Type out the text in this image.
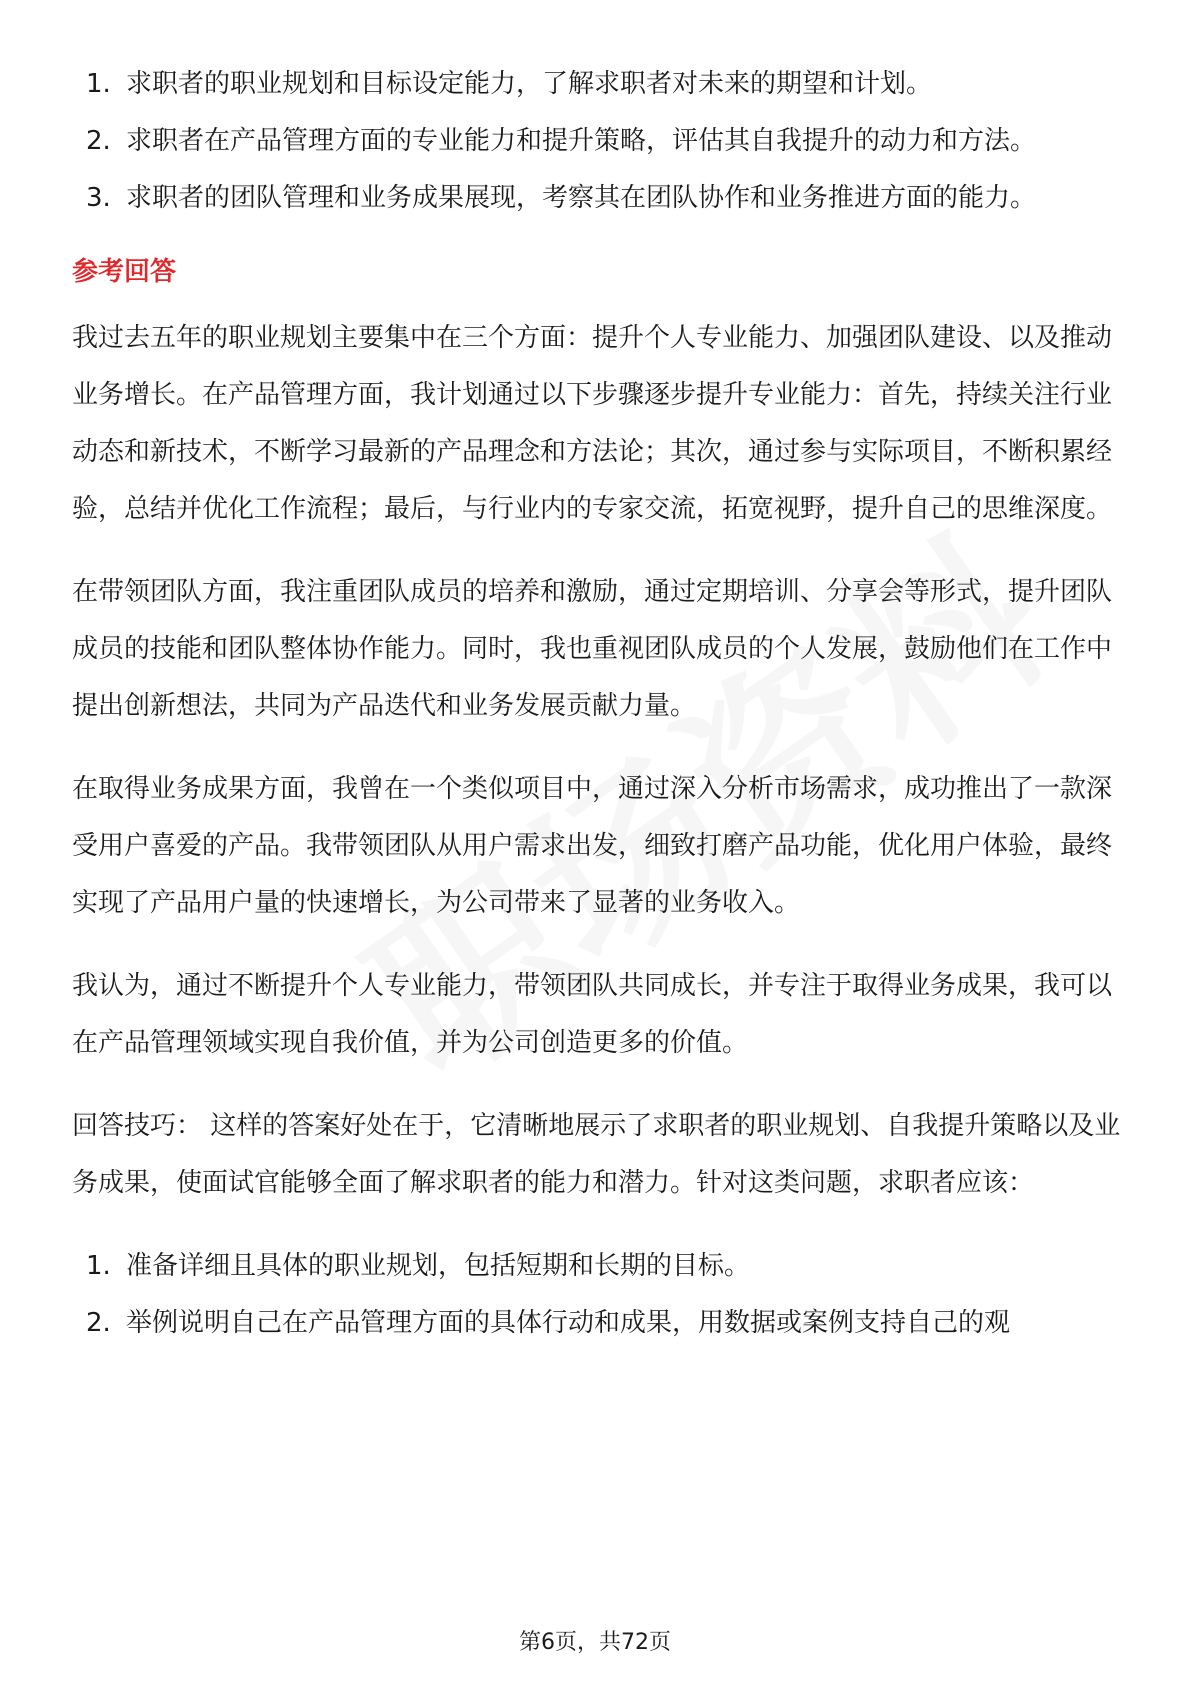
1. 求职者的职业规划和目标设定能力，了解求职者对未来的期望和计划。
2. 求职者在产品管理方面的专业能力和提升策略，评估其自我提升的动力和方法。
3. 求职者的团队管理和业务成果展现，考察其在团队协作和业务推进方面的能力。
参考回答

我过去五年的职业规划主要集中在三个方面：提升个人专业能力、加强团队建设、以及推动业务增长。在产品管理方面，我计划通过以下步骤逐步提升专业能力：首先，持续关注行业动态和新技术，不断学习最新的产品理念和方法论；其次，通过参与实际项目，不断积累经验，总结并优化工作流程；最后，与行业内的专家交流，拓宽视野，提升自己的思维深度。

在带领团队方面，我注重团队成员的培养和激励，通过定期培训、分享会等形式，提升团队成员的技能和团队整体协作能力。同时，我也重视团队成员的个人发展，鼓励他们在工作中提出创新想法，共同为产品迭代和业务发展贡献力量。

在取得业务成果方面，我曾在一个类似项目中，通过深入分析市场需求，成功推出了一款深受用户喜爱的产品。我带领团队从用户需求出发，细致打磨产品功能，优化用户体验，最终实现了产品用户量的快速增长，为公司带来了显著的业务收入。

我认为，通过不断提升个人专业能力，带领团队共同成长，并专注于取得业务成果，我可以在产品管理领域实现自我价值，并为公司创造更多的价值。

回答技巧： 这样的答案好处在于，它清晰地展示了求职者的职业规划、自我提升策略以及业务成果，使面试官能够全面了解求职者的能力和潜力。针对这类问题，求职者应该：

1. 准备详细且具体的职业规划，包括短期和长期的目标。
2. 举例说明自己在产品管理方面的具体行动和成果，用数据或案例支持自己的观
第6页，共72页
